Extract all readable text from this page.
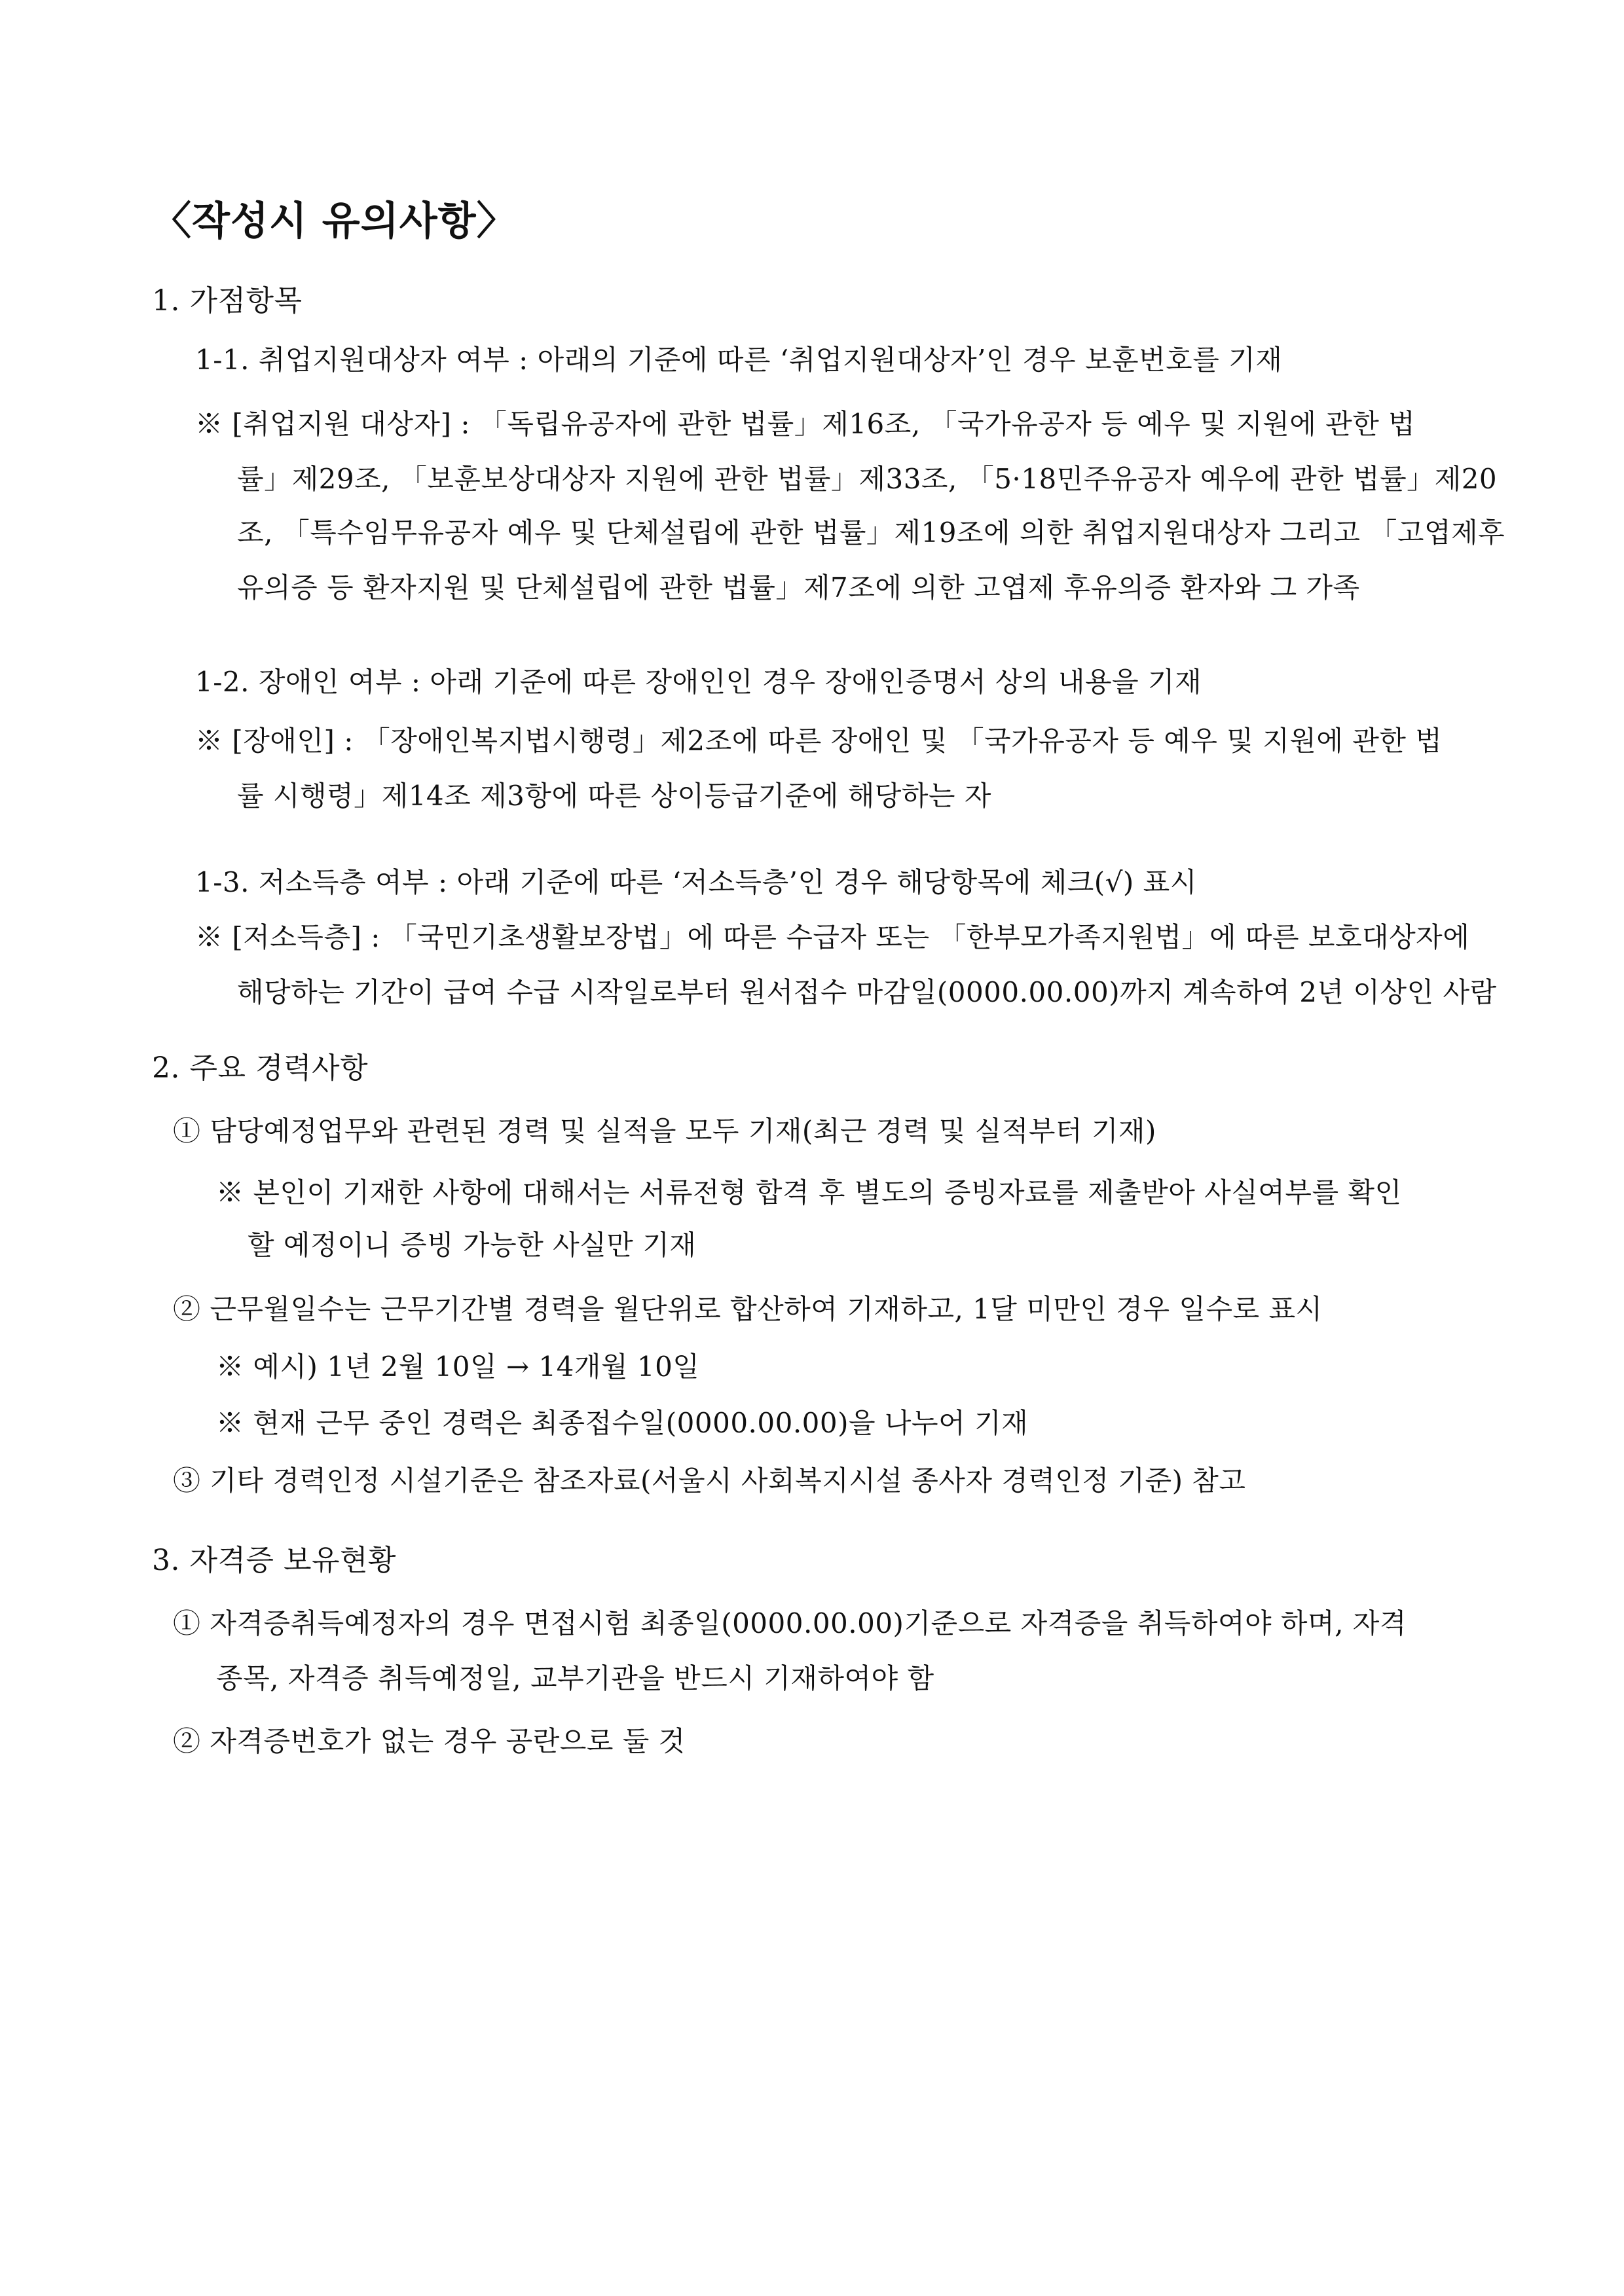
〈작성시 유의사항〉
1. 가점항목
1-1. 취업지원대상자 여부 : 아래의 기준에 따른 ‘취업지원대상자’인 경우 보훈번호를 기재
※ [취업지원 대상자] : 「독립유공자에 관한 법률」제16조, 「국가유공자 등 예우 및 지원에 관한 법
률」제29조, 「보훈보상대상자 지원에 관한 법률」제33조, 「5·18민주유공자 예우에 관한 법률」제20
조, 「특수임무유공자 예우 및 단체설립에 관한 법률」제19조에 의한 취업지원대상자 그리고 「고엽제후
유의증 등 환자지원 및 단체설립에 관한 법률」제7조에 의한 고엽제 후유의증 환자와 그 가족
1-2. 장애인 여부 : 아래 기준에 따른 장애인인 경우 장애인증명서 상의 내용을 기재
※ [장애인] : 「장애인복지법시행령」제2조에 따른 장애인 및 「국가유공자 등 예우 및 지원에 관한 법
률 시행령」제14조 제3항에 따른 상이등급기준에 해당하는 자
1-3. 저소득층 여부 : 아래 기준에 따른 ‘저소득층’인 경우 해당항목에 체크(√) 표시
※ [저소득층] : 「국민기초생활보장법」에 따른 수급자 또는 「한부모가족지원법」에 따른 보호대상자에
해당하는 기간이 급여 수급 시작일로부터 원서접수 마감일(0000.00.00)까지 계속하여 2년 이상인 사람
2. 주요 경력사항
① 담당예정업무와 관련된 경력 및 실적을 모두 기재(최근 경력 및 실적부터 기재)
※ 본인이 기재한 사항에 대해서는 서류전형 합격 후 별도의 증빙자료를 제출받아 사실여부를 확인
할 예정이니 증빙 가능한 사실만 기재
② 근무월일수는 근무기간별 경력을 월단위로 합산하여 기재하고, 1달 미만인 경우 일수로 표시
※ 예시) 1년 2월 10일 → 14개월 10일
※ 현재 근무 중인 경력은 최종접수일(0000.00.00)을 나누어 기재
③ 기타 경력인정 시설기준은 참조자료(서울시 사회복지시설 종사자 경력인정 기준) 참고
3. 자격증 보유현황
① 자격증취득예정자의 경우 면접시험 최종일(0000.00.00)기준으로 자격증을 취득하여야 하며, 자격
종목, 자격증 취득예정일, 교부기관을 반드시 기재하여야 함
② 자격증번호가 없는 경우 공란으로 둘 것
